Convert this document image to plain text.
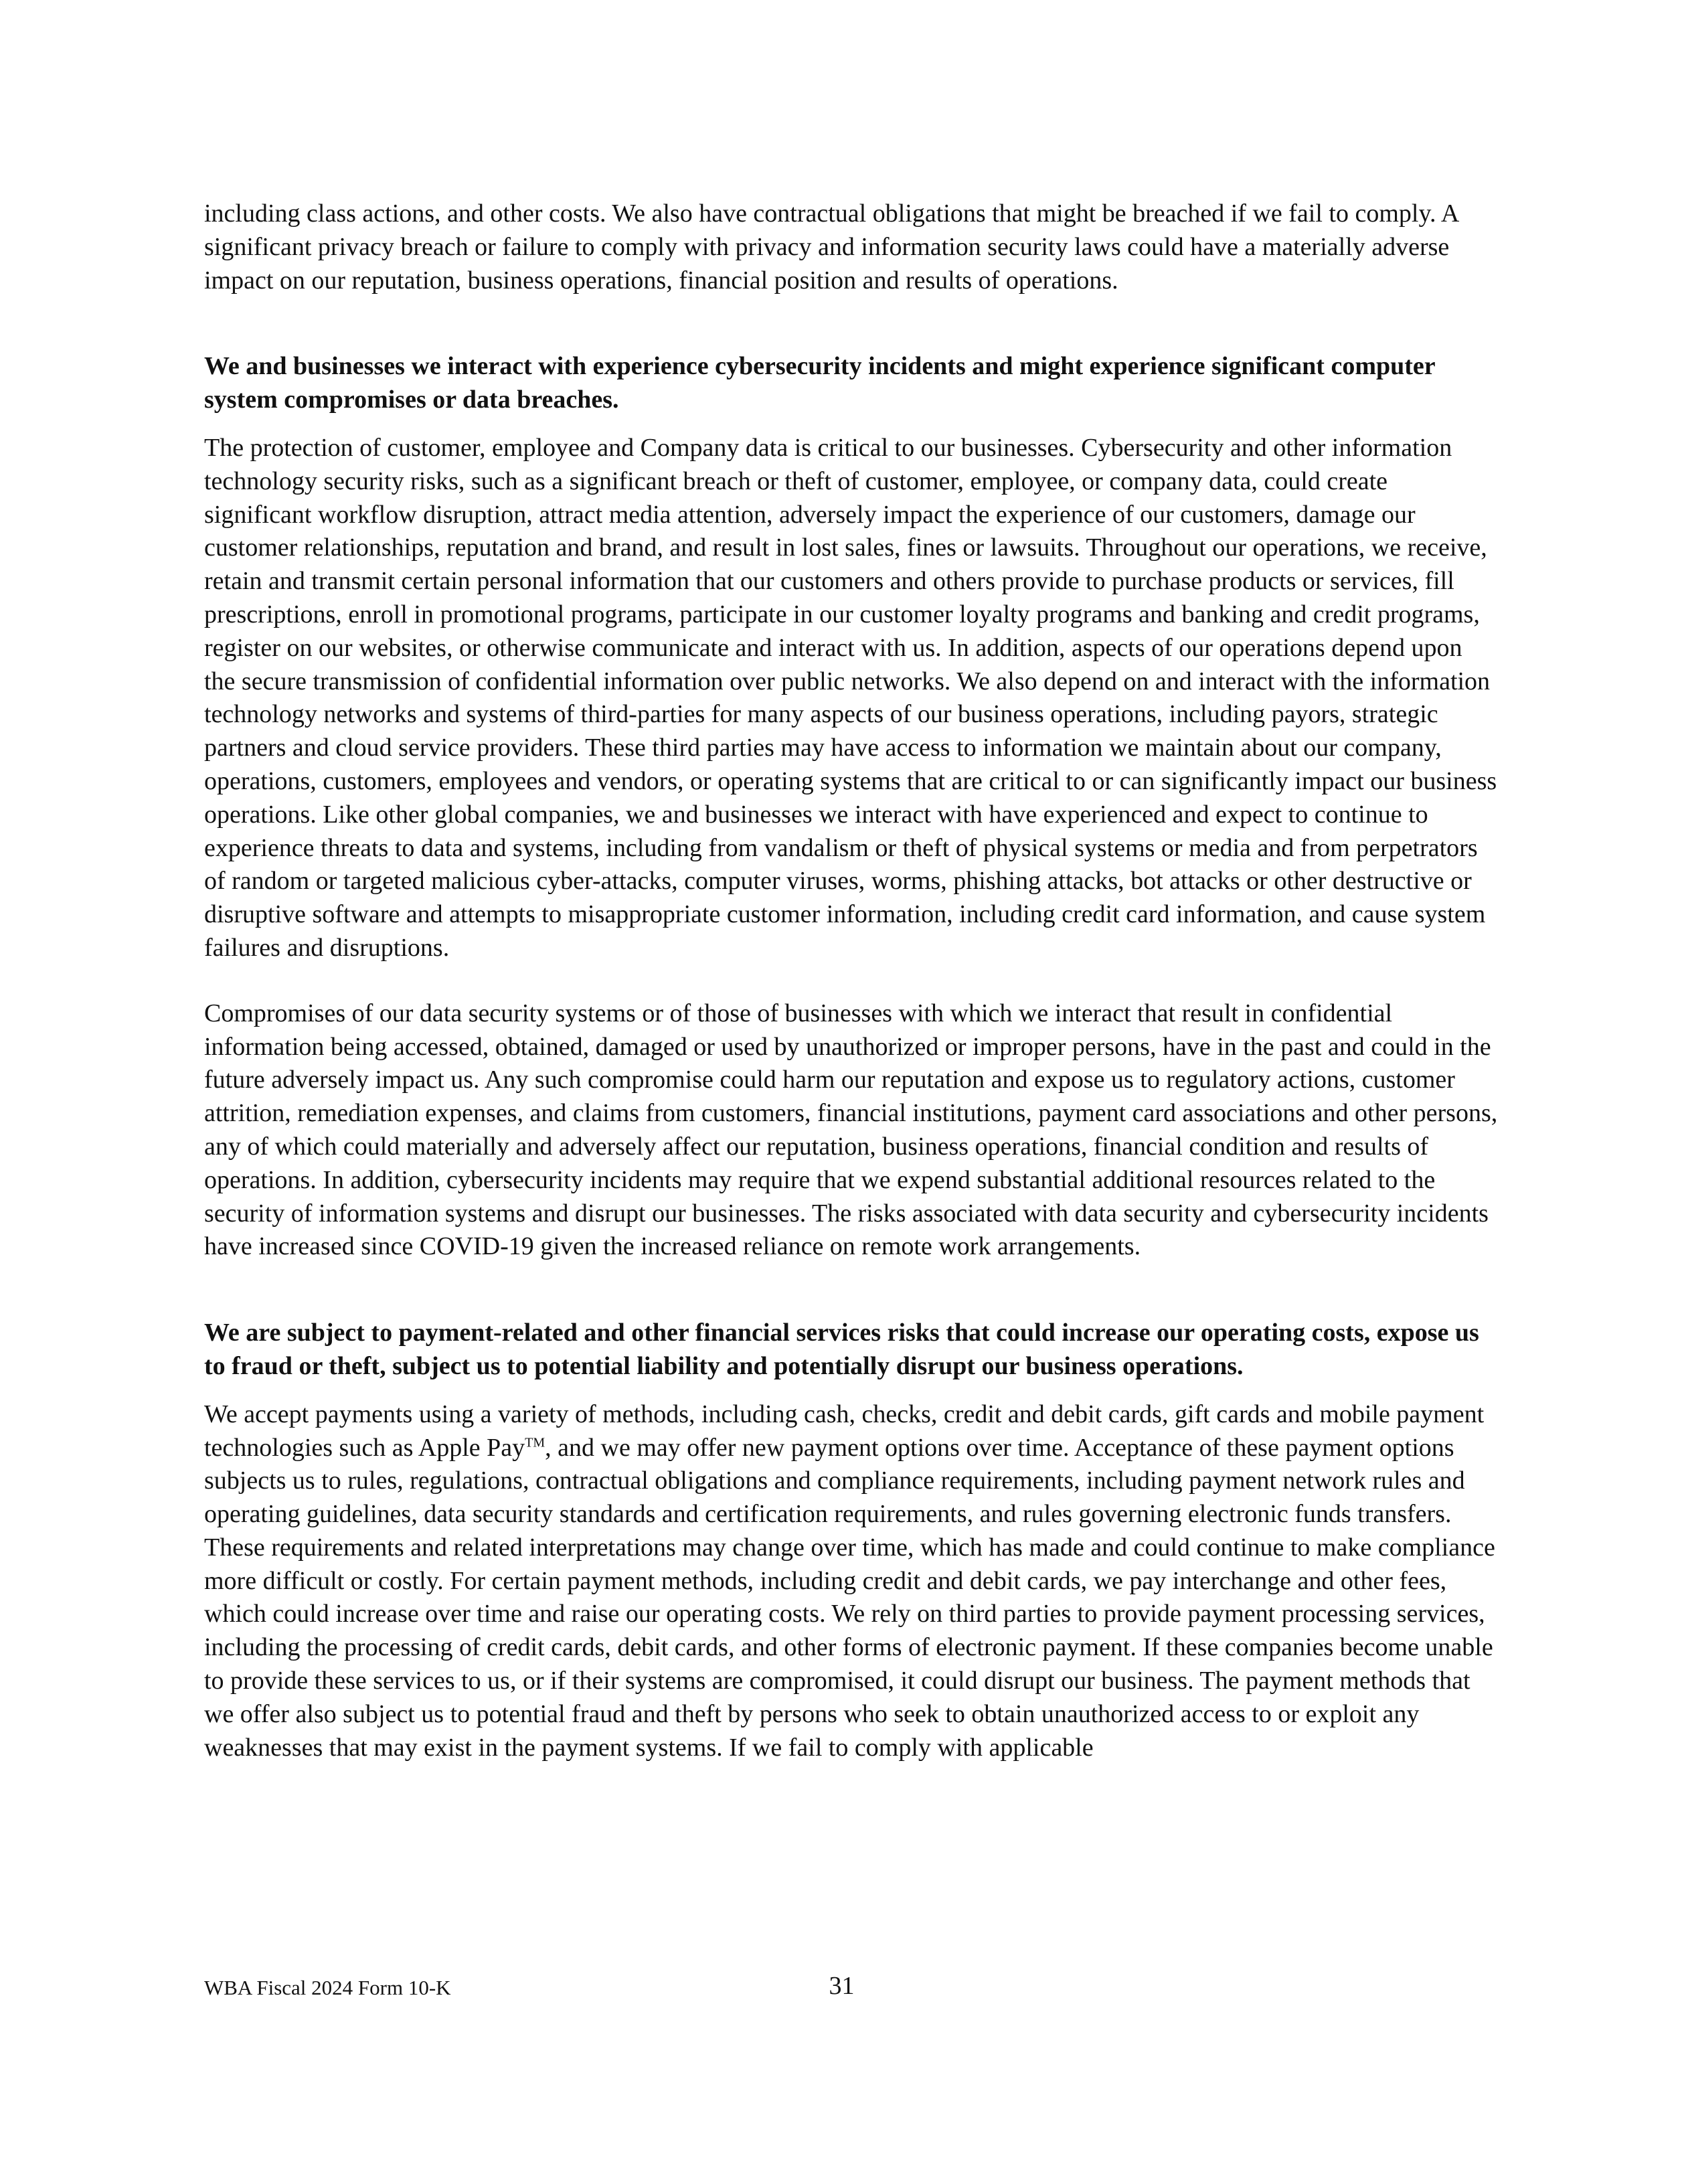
including class actions, and other costs. We also have contractual obligations that might be breached if we fail to comply. A significant privacy breach or failure to comply with privacy and information security laws could have a materially adverse impact on our reputation, business operations, financial position and results of operations.

We and businesses we interact with experience cybersecurity incidents and might experience significant computer system compromises or data breaches.

The protection of customer, employee and Company data is critical to our businesses. Cybersecurity and other information technology security risks, such as a significant breach or theft of customer, employee, or company data, could create significant workflow disruption, attract media attention, adversely impact the experience of our customers, damage our customer relationships, reputation and brand, and result in lost sales, fines or lawsuits. Throughout our operations, we receive, retain and transmit certain personal information that our customers and others provide to purchase products or services, fill prescriptions, enroll in promotional programs, participate in our customer loyalty programs and banking and credit programs, register on our websites, or otherwise communicate and interact with us. In addition, aspects of our operations depend upon the secure transmission of confidential information over public networks. We also depend on and interact with the information technology networks and systems of third-parties for many aspects of our business operations, including payors, strategic partners and cloud service providers. These third parties may have access to information we maintain about our company, operations, customers, employees and vendors, or operating systems that are critical to or can significantly impact our business operations. Like other global companies, we and businesses we interact with have experienced and expect to continue to experience threats to data and systems, including from vandalism or theft of physical systems or media and from perpetrators of random or targeted malicious cyber-attacks, computer viruses, worms, phishing attacks, bot attacks or other destructive or disruptive software and attempts to misappropriate customer information, including credit card information, and cause system failures and disruptions.

Compromises of our data security systems or of those of businesses with which we interact that result in confidential information being accessed, obtained, damaged or used by unauthorized or improper persons, have in the past and could in the future adversely impact us. Any such compromise could harm our reputation and expose us to regulatory actions, customer attrition, remediation expenses, and claims from customers, financial institutions, payment card associations and other persons, any of which could materially and adversely affect our reputation, business operations, financial condition and results of operations. In addition, cybersecurity incidents may require that we expend substantial additional resources related to the security of information systems and disrupt our businesses. The risks associated with data security and cybersecurity incidents have increased since COVID-19 given the increased reliance on remote work arrangements.

We are subject to payment-related and other financial services risks that could increase our operating costs, expose us to fraud or theft, subject us to potential liability and potentially disrupt our business operations.

We accept payments using a variety of methods, including cash, checks, credit and debit cards, gift cards and mobile payment technologies such as Apple Pay™, and we may offer new payment options over time. Acceptance of these payment options subjects us to rules, regulations, contractual obligations and compliance requirements, including payment network rules and operating guidelines, data security standards and certification requirements, and rules governing electronic funds transfers. These requirements and related interpretations may change over time, which has made and could continue to make compliance more difficult or costly. For certain payment methods, including credit and debit cards, we pay interchange and other fees, which could increase over time and raise our operating costs. We rely on third parties to provide payment processing services, including the processing of credit cards, debit cards, and other forms of electronic payment. If these companies become unable to provide these services to us, or if their systems are compromised, it could disrupt our business. The payment methods that we offer also subject us to potential fraud and theft by persons who seek to obtain unauthorized access to or exploit any weaknesses that may exist in the payment systems. If we fail to comply with applicable

WBA Fiscal 2024 Form 10-K	31
